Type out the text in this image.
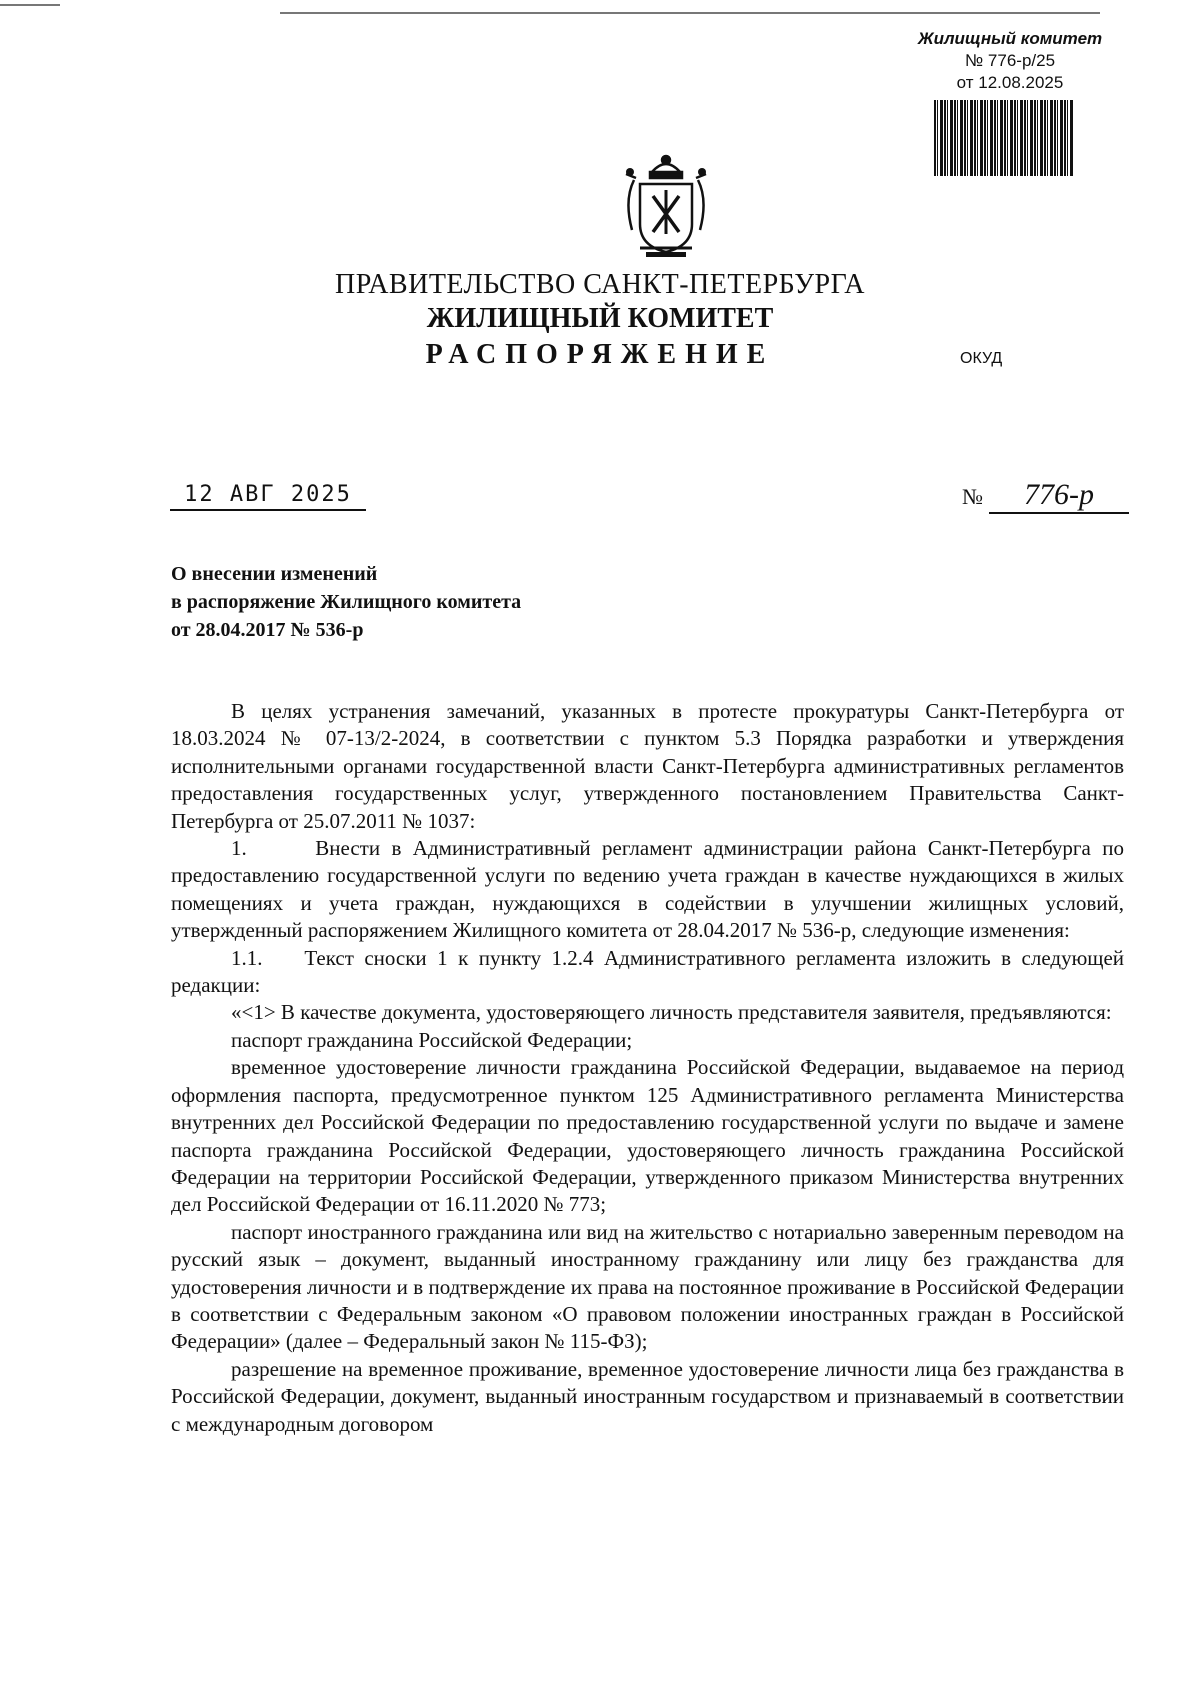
Жилищный комитет
№ 776-р/25
от 12.08.2025
ПРАВИТЕЛЬСТВО САНКТ-ПЕТЕРБУРГА
ЖИЛИЩНЫЙ КОМИТЕТ
РАСПОРЯЖЕНИЕ	ОКУД
12 АВГ 2025	№ 776-р
О внесении изменений
в распоряжение Жилищного комитета
от 28.04.2017 № 536-р

В целях устранения замечаний, указанных в протесте прокуратуры Санкт-Петербурга от 18.03.2024 № 07-13/2-2024, в соответствии с пунктом 5.3 Порядка разработки и утверждения исполнительными органами государственной власти Санкт-Петербурга административных регламентов предоставления государственных услуг, утвержденного постановлением Правительства Санкт-Петербурга от 25.07.2011 № 1037:

1.      Внести в Административный регламент администрации района Санкт-Петербурга по предоставлению государственной услуги по ведению учета граждан в качестве нуждающихся в жилых помещениях и учета граждан, нуждающихся в содействии в улучшении жилищных условий, утвержденный распоряжением Жилищного комитета от 28.04.2017 № 536-р, следующие изменения:

1.1.    Текст сноски 1 к пункту 1.2.4 Административного регламента изложить в следующей редакции:

«<1> В качестве документа, удостоверяющего личность представителя заявителя, предъявляются:

паспорт гражданина Российской Федерации;

временное удостоверение личности гражданина Российской Федерации, выдаваемое на период оформления паспорта, предусмотренное пунктом 125 Административного регламента Министерства внутренних дел Российской Федерации по предоставлению государственной услуги по выдаче и замене паспорта гражданина Российской Федерации, удостоверяющего личность гражданина Российской Федерации на территории Российской Федерации, утвержденного приказом Министерства внутренних дел Российской Федерации от 16.11.2020 № 773;

паспорт иностранного гражданина или вид на жительство с нотариально заверенным переводом на русский язык – документ, выданный иностранному гражданину или лицу без гражданства для удостоверения личности и в подтверждение их права на постоянное проживание в Российской Федерации в соответствии с Федеральным законом «О правовом положении иностранных граждан в Российской Федерации» (далее – Федеральный закон № 115-ФЗ);

разрешение на временное проживание, временное удостоверение личности лица без гражданства в Российской Федерации, документ, выданный иностранным государством и признаваемый в соответствии с международным договором
